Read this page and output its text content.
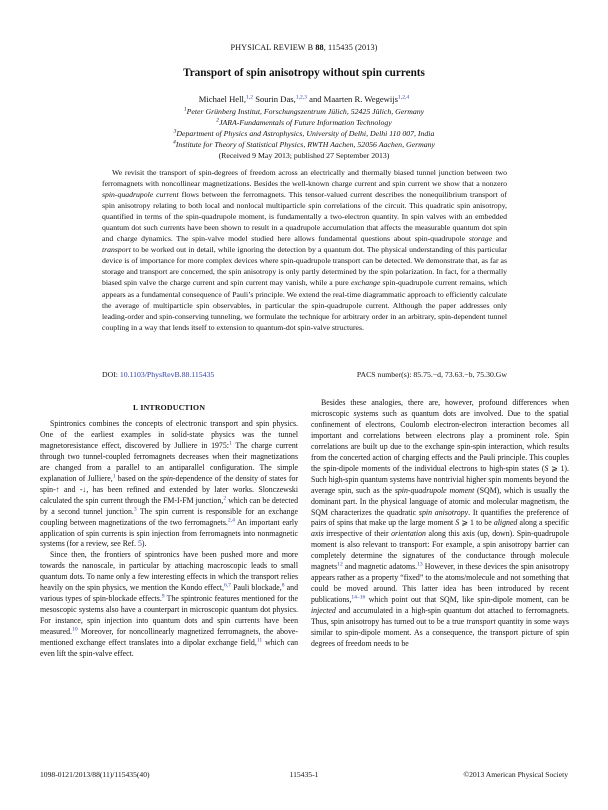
PHYSICAL REVIEW B 88, 115435 (2013)
Transport of spin anisotropy without spin currents
Michael Hell,$^{1,2}$ Sourin Das,$^{1,2,3}$ and Maarten R. Wegewijs$^{1,2,4}$
$^1$Peter Grünberg Institut, Forschungszentrum Jülich, 52425 Jülich, Germany
$^2$JARA-Fundamentals of Future Information Technology
$^3$Department of Physics and Astrophysics, University of Delhi, Delhi 110 007, India
$^4$Institute for Theory of Statistical Physics, RWTH Aachen, 52056 Aachen, Germany
(Received 9 May 2013; published 27 September 2013)
We revisit the transport of spin-degrees of freedom across an electrically and thermally biased tunnel junction between two ferromagnets with noncollinear magnetizations. Besides the well-known charge current and spin current we show that a nonzero spin-quadrupole current flows between the ferromagnets. This tensor-valued current describes the nonequilibrium transport of spin anisotropy relating to both local and nonlocal multiparticle spin correlations of the circuit. This quadratic spin anisotropy, quantified in terms of the spin-quadrupole moment, is fundamentally a two-electron quantity. In spin valves with an embedded quantum dot such currents have been shown to result in a quadrupole accumulation that affects the measurable quantum dot spin and charge dynamics. The spin-valve model studied here allows fundamental questions about spin-quadrupole storage and transport to be worked out in detail, while ignoring the detection by a quantum dot. The physical understanding of this particular device is of importance for more complex devices where spin-quadrupole transport can be detected. We demonstrate that, as far as storage and transport are concerned, the spin anisotropy is only partly determined by the spin polarization. In fact, for a thermally biased spin valve the charge current and spin current may vanish, while a pure exchange spin-quadrupole current remains, which appears as a fundamental consequence of Pauli’s principle. We extend the real-time diagrammatic approach to efficiently calculate the average of multiparticle spin observables, in particular the spin-quadrupole current. Although the paper addresses only leading-order and spin-conserving tunneling, we formulate the technique for arbitrary order in an arbitrary, spin-dependent tunnel coupling in a way that lends itself to extension to quantum-dot spin-valve structures.
DOI: 10.1103/PhysRevB.88.115435	PACS number(s): 85.75.−d, 73.63.−b, 75.30.Gw
I. INTRODUCTION

Spintronics combines the concepts of electronic transport and spin physics. One of the earliest examples in solid-state physics was the tunnel magnetoresistance effect, discovered by Julliere in 1975:$^1$ The charge current through two tunnel-coupled ferromagnets decreases when their magnetizations are changed from a parallel to an antiparallel configuration. The simple explanation of Julliere,$^1$ based on the spin-dependence of the density of states for spin-↑ and -↓, has been refined and extended by later works. Slonczewski calculated the spin current through the FM-I-FM junction,$^2$ which can be detected by a second tunnel junction.$^3$ The spin current is responsible for an exchange coupling between magnetizations of the two ferromagnets.$^{2,4}$ An important early application of spin currents is spin injection from ferromagnets into nonmagnetic systems (for a review, see Ref. 5).

Since then, the frontiers of spintronics have been pushed more and more towards the nanoscale, in particular by attaching macroscopic leads to small quantum dots. To name only a few interesting effects in which the transport relies heavily on the spin physics, we mention the Kondo effect,$^{6,7}$ Pauli blockade,$^8$ and various types of spin-blockade effects.$^9$ The spintronic features mentioned for the mesoscopic systems also have a counterpart in microscopic quantum dot physics. For instance, spin injection into quantum dots and spin currents have been measured.$^{10}$ Moreover, for noncollinearly magnetized ferromagnets, the above-mentioned exchange effect translates into a dipolar exchange field,$^{11}$ which can even lift the spin-valve effect.

Besides these analogies, there are, however, profound differences when microscopic systems such as quantum dots are involved. Due to the spatial confinement of electrons, Coulomb electron-electron interaction becomes all important and correlations between electrons play a prominent role. Spin correlations are built up due to the exchange spin-spin interaction, which results from the concerted action of charging effects and the Pauli principle. This couples the spin-dipole moments of the individual electrons to high-spin states (S ⩾ 1). Such high-spin quantum systems have nontrivial higher spin moments beyond the average spin, such as the spin-quadrupole moment (SQM), which is usually the dominant part. In the physical language of atomic and molecular magnetism, the SQM characterizes the quadratic spin anisotropy. It quantifies the preference of pairs of spins that make up the large moment S ⩾ 1 to be aligned along a specific axis irrespective of their orientation along this axis (up, down). Spin-quadrupole moment is also relevant to transport: For example, a spin anisotropy barrier can completely determine the signatures of the conductance through molecule magnets$^{12}$ and magnetic adatoms.$^{13}$ However, in these devices the spin anisotropy appears rather as a property “fixed” to the atoms/molecule and not something that could be moved around. This latter idea has been introduced by recent publications,$^{14-16}$ which point out that SQM, like spin-dipole moment, can be injected and accumulated in a high-spin quantum dot attached to ferromagnets. Thus, spin anisotropy has turned out to be a true transport quantity in some ways similar to spin-dipole moment. As a consequence, the transport picture of spin degrees of freedom needs to be

1098-0121/2013/88(11)/115435(40)	115435-1	©2013 American Physical Society
